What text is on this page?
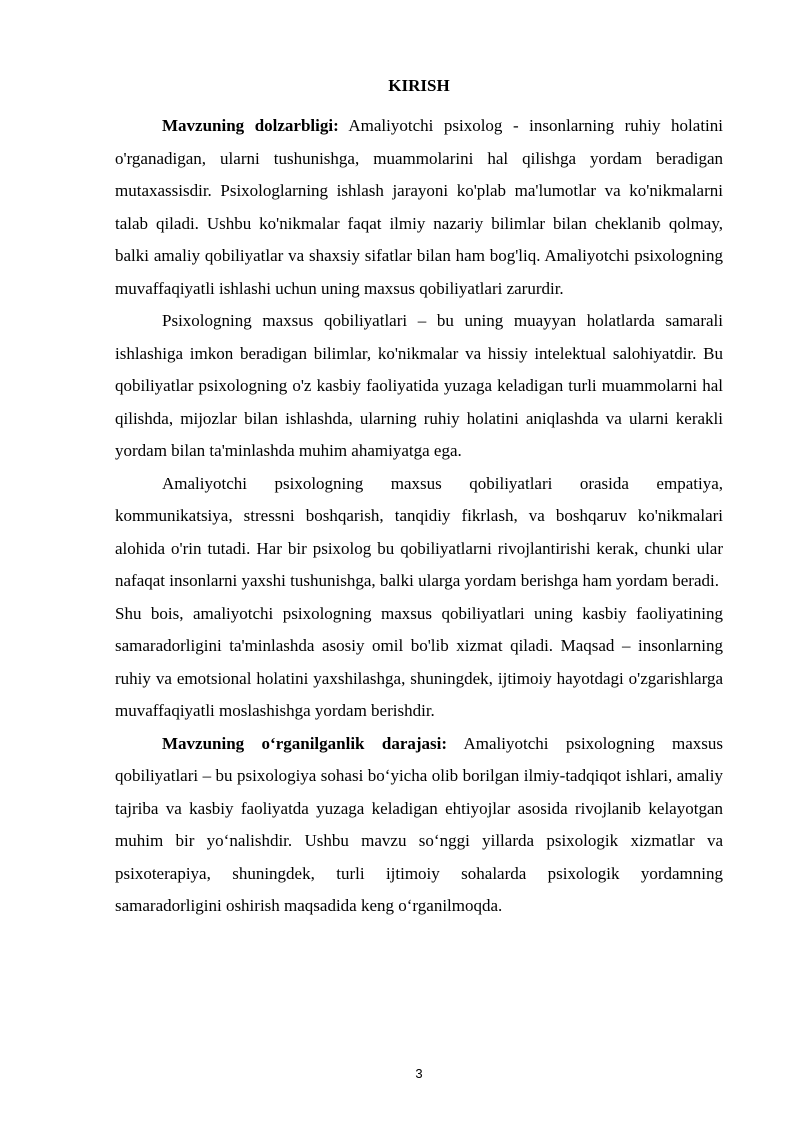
KIRISH

Mavzuning dolzarbligi: Amaliyotchi psixolog - insonlarning ruhiy holatini o'rganadigan, ularni tushunishga, muammolarini hal qilishga yordam beradigan mutaxassisdir. Psixologlarning ishlash jarayoni ko'plab ma'lumotlar va ko'nikmalarni talab qiladi. Ushbu ko'nikmalar faqat ilmiy nazariy bilimlar bilan cheklanib qolmay, balki amaliy qobiliyatlar va shaxsiy sifatlar bilan ham bog'liq. Amaliyotchi psixologning muvaffaqiyatli ishlashi uchun uning maxsus qobiliyatlari zarurdir.

Psixologning maxsus qobiliyatlari – bu uning muayyan holatlarda samarali ishlashiga imkon beradigan bilimlar, ko'nikmalar va hissiy intelektual salohiyatdir. Bu qobiliyatlar psixologning o'z kasbiy faoliyatida yuzaga keladigan turli muammolarni hal qilishda, mijozlar bilan ishlashda, ularning ruhiy holatini aniqlashda va ularni kerakli yordam bilan ta'minlashda muhim ahamiyatga ega.

Amaliyotchi psixologning maxsus qobiliyatlari orasida empatiya, kommunikatsiya, stressni boshqarish, tanqidiy fikrlash, va boshqaruv ko'nikmalari alohida o'rin tutadi. Har bir psixolog bu qobiliyatlarni rivojlantirishi kerak, chunki ular nafaqat insonlarni yaxshi tushunishga, balki ularga yordam berishga ham yordam beradi.

Shu bois, amaliyotchi psixologning maxsus qobiliyatlari uning kasbiy faoliyatining samaradorligini ta'minlashda asosiy omil bo'lib xizmat qiladi. Maqsad – insonlarning ruhiy va emotsional holatini yaxshilashga, shuningdek, ijtimoiy hayotdagi o'zgarishlarga muvaffaqiyatli moslashishga yordam berishdir.

Mavzuning o‘rganilganlik darajasi: Amaliyotchi psixologning maxsus qobiliyatlari – bu psixologiya sohasi bo‘yicha olib borilgan ilmiy-tadqiqot ishlari, amaliy tajriba va kasbiy faoliyatda yuzaga keladigan ehtiyojlar asosida rivojlanib kelayotgan muhim bir yo‘nalishdir. Ushbu mavzu so‘nggi yillarda psixologik xizmatlar va psixoterapiya, shuningdek, turli ijtimoiy sohalarda psixologik yordamning samaradorligini oshirish maqsadida keng o‘rganilmoqda.

3
